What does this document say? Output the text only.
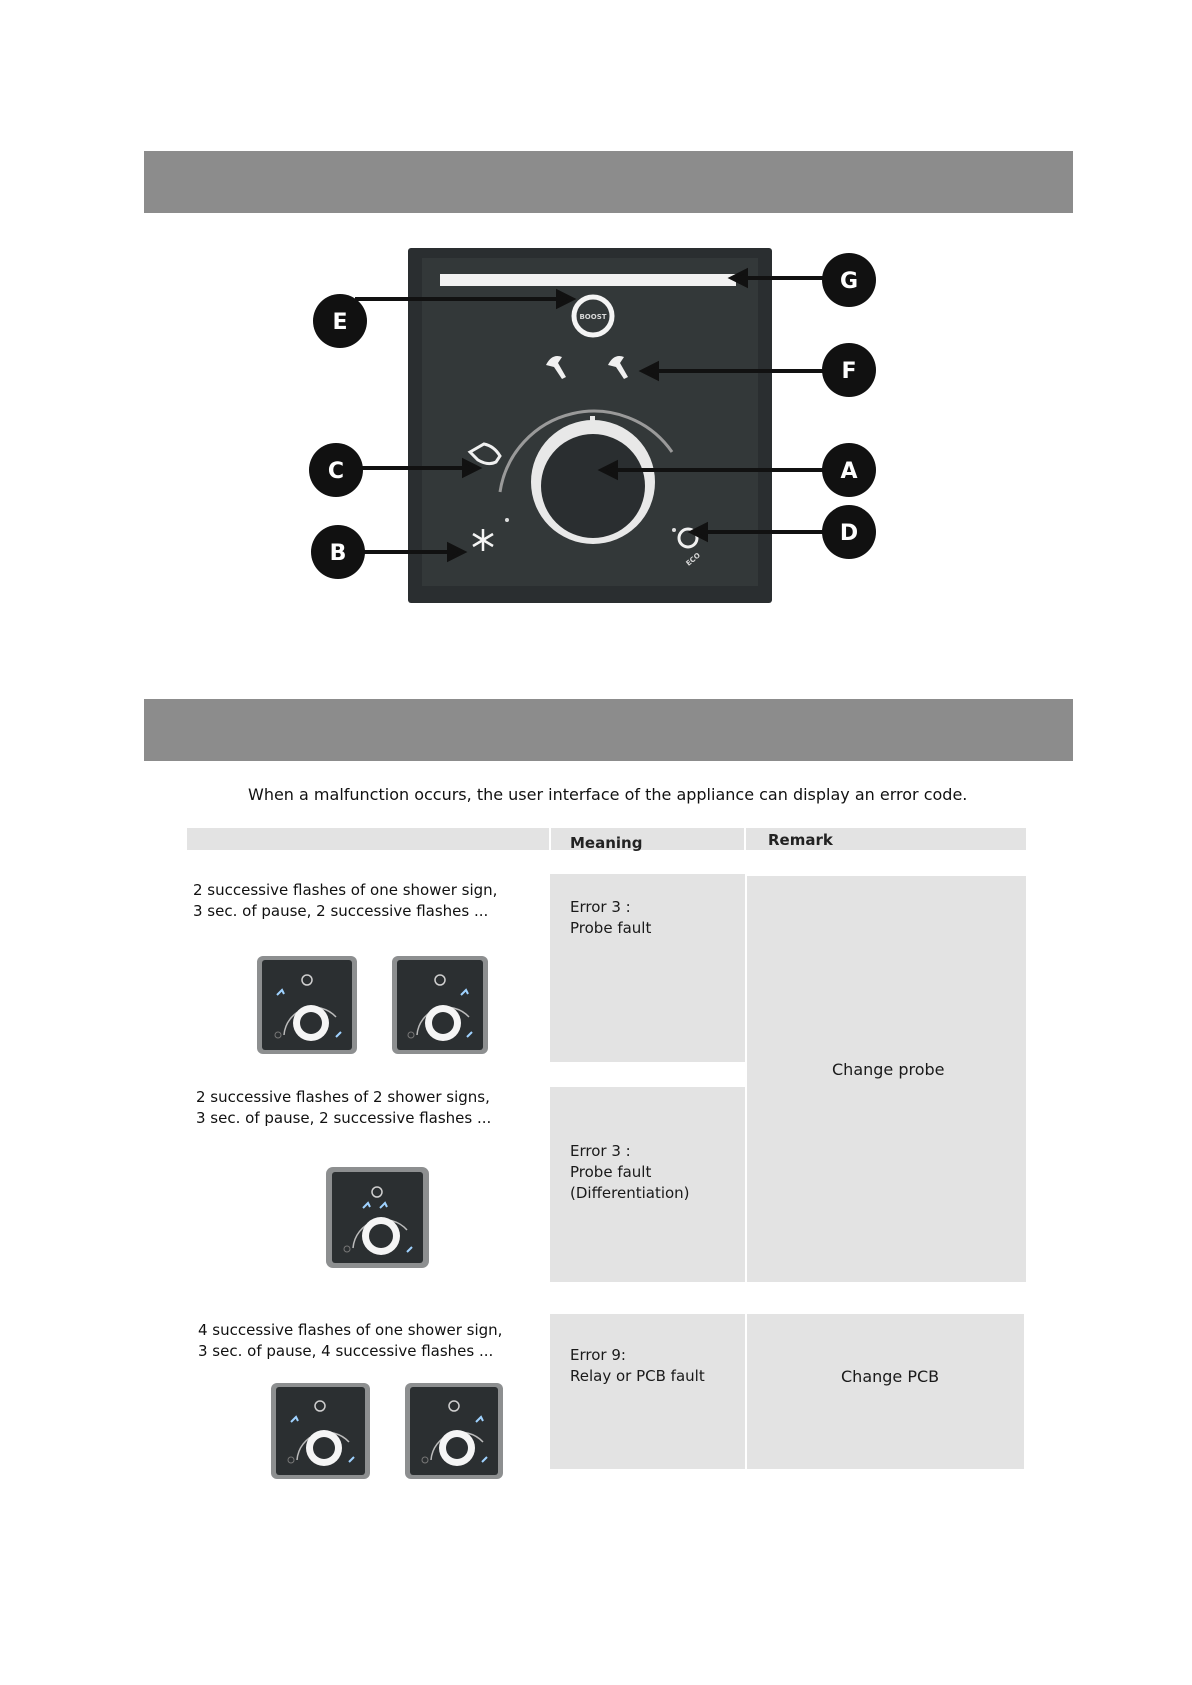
BOOST
ECO
E
G
F
C	A
B
D
When a malfunction occurs, the user interface of the appliance can display an error code.
Meaning	Remark
Error 3 :
Probe fault
Error 3 :
Probe fault
(Differentiation)
Error 9:
Relay or PCB fault
Change probe
Change PCB
2 successive flashes of one shower sign,
3 sec. of pause, 2 successive flashes ...
2 successive flashes of 2 shower signs,
3 sec. of pause, 2 successive flashes ...
4 successive flashes of one shower sign,
3 sec. of pause, 4 successive flashes ...
